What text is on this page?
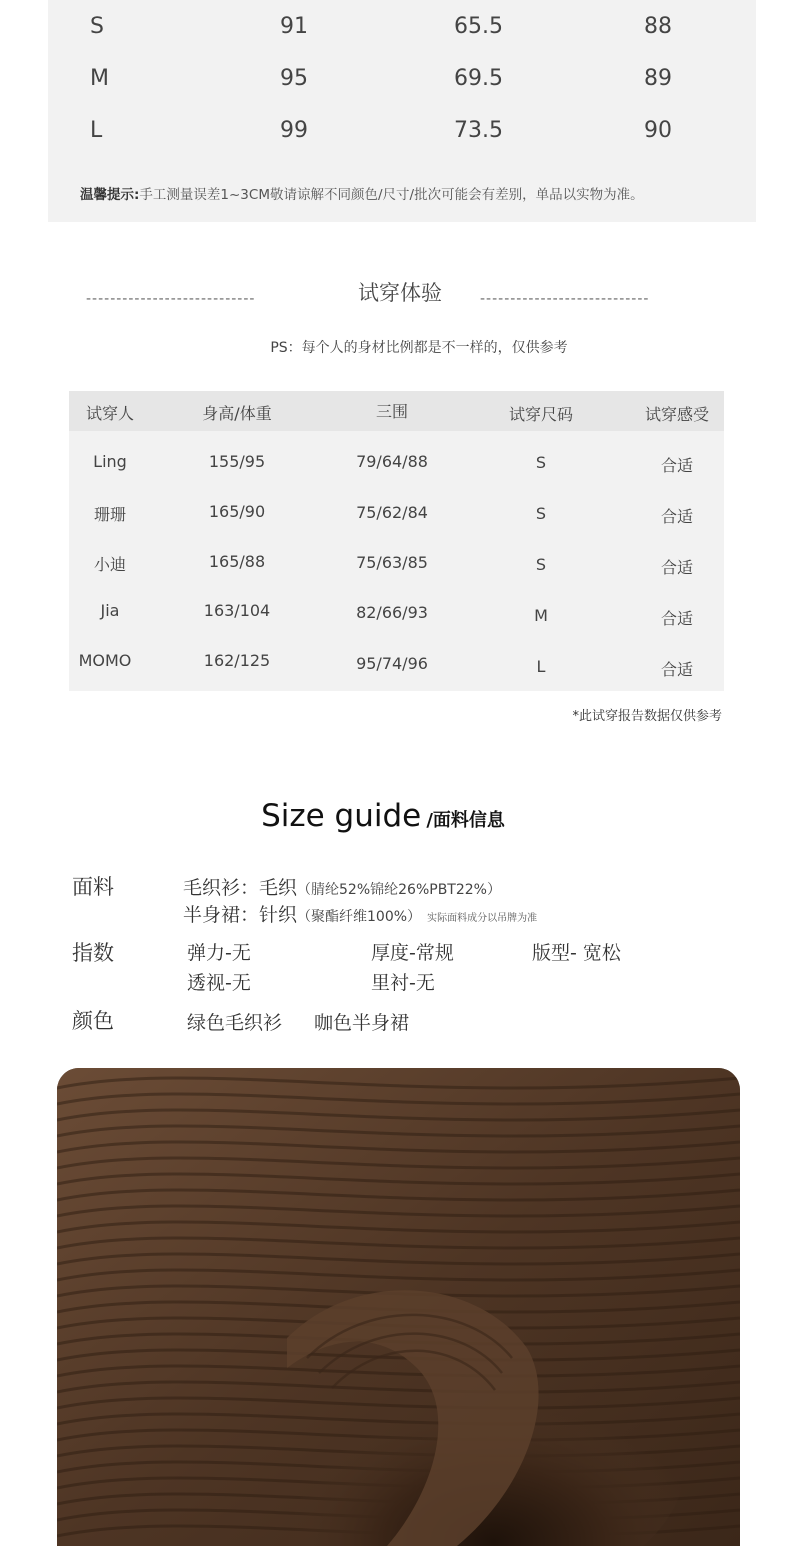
S	91	65.5	88
M	95	69.5	89
L	99	73.5	90
温馨提示:手工测量误差1~3CM敬请谅解不同颜色/尺寸/批次可能会有差别，单品以实物为准。
----------------------------	试穿体验	----------------------------
PS：每个人的身材比例都是不一样的，仅供参考
试穿人	身高/体重	三围	试穿尺码	试穿感受
Ling	155/95	79/64/88	S	合适
珊珊	165/90	75/62/84	S	合适
小迪	165/88	75/63/85	S	合适
Jia	163/104	82/66/93	M	合适
MOMO	162/125	95/74/96	L	合适
*此试穿报告数据仅供参考
Size guide /面料信息
面料	毛织衫：毛织（腈纶52%锦纶26%PBT22%）
半身裙：针织（聚酯纤维100%） 实际面料成分以吊牌为准
指数	弹力-无	厚度-常规	版型- 宽松
透视-无	里衬-无
颜色	绿色毛织衫 咖色半身裙
